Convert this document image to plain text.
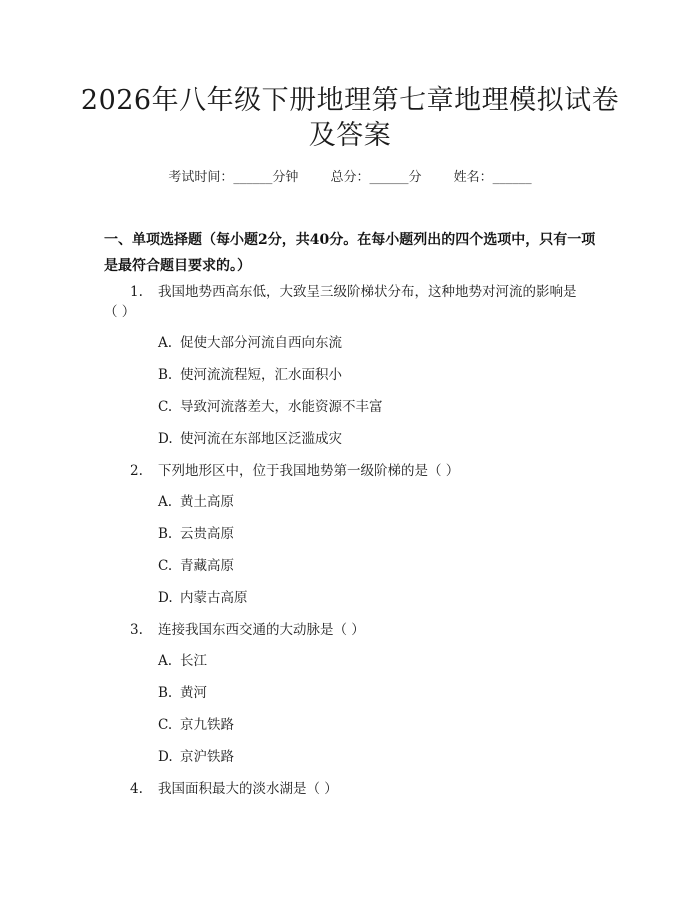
2026年八年级下册地理第七章地理模拟试卷
及答案
考试时间：______分钟 总分：______分 姓名：______
一、单项选择题（每小题2分，共40分。在每小题列出的四个选项中，只有一项
是最符合题目要求的。）
1. 我国地势西高东低，大致呈三级阶梯状分布，这种地势对河流的影响是
（ ）
A. 促使大部分河流自西向东流
B. 使河流流程短，汇水面积小
C. 导致河流落差大，水能资源不丰富
D. 使河流在东部地区泛滥成灾
2. 下列地形区中，位于我国地势第一级阶梯的是（ ）
A. 黄土高原
B. 云贵高原
C. 青藏高原
D. 内蒙古高原
3. 连接我国东西交通的大动脉是（ ）
A. 长江
B. 黄河
C. 京九铁路
D. 京沪铁路
4. 我国面积最大的淡水湖是（ ）
